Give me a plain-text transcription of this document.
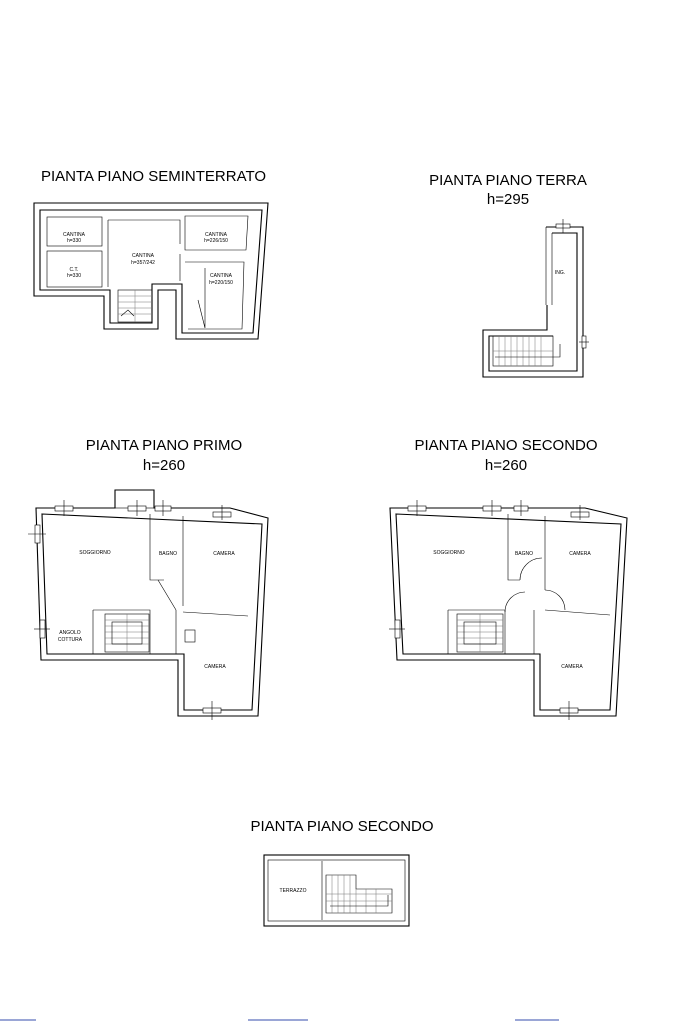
PIANTA PIANO SEMINTERRATO	PIANTA PIANO TERRA
h=295
PIANTA PIANO PRIMO
h=260
PIANTA PIANO SECONDO
h=260
PIANTA PIANO SECONDO
CANTINA
h=330
C.T.
h=330
CANTINA
h=357/242
CANTINA
h=226/150
CANTINA
h=220/150
ING.
SOGGIORNO	BAGNO	CAMERA
ANGOLO
COTTURA
CAMERA
SOGGIORNO	BAGNO	CAMERA
CAMERA
TERRAZZO
